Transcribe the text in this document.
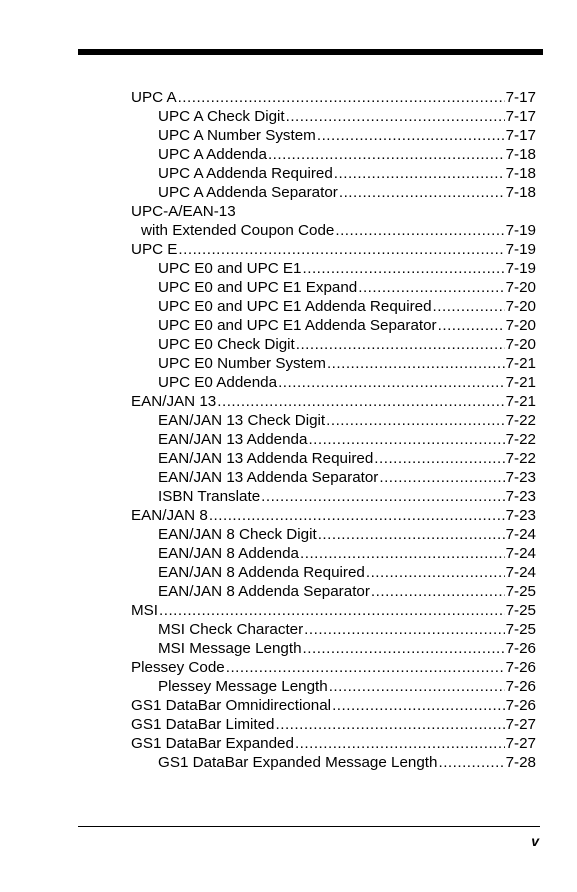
UPC A .....	7-17
UPC A Check Digit .....	7-17
UPC A Number System .....	7-17
UPC A Addenda .....	7-18
UPC A Addenda Required .....	7-18
UPC A Addenda Separator .....	7-18
UPC-A/EAN-13
with Extended Coupon Code .....	7-19
UPC E .....	7-19
UPC E0 and UPC E1 .....	7-19
UPC E0 and UPC E1 Expand .....	7-20
UPC E0 and UPC E1 Addenda Required .....	7-20
UPC E0 and UPC E1 Addenda Separator .....	7-20
UPC E0 Check Digit .....	7-20
UPC E0 Number System .....	7-21
UPC E0 Addenda .....	7-21
EAN/JAN 13 .....	7-21
EAN/JAN 13 Check Digit .....	7-22
EAN/JAN 13 Addenda .....	7-22
EAN/JAN 13 Addenda Required .....	7-22
EAN/JAN 13 Addenda Separator .....	7-23
ISBN Translate .....	7-23
EAN/JAN 8 .....	7-23
EAN/JAN 8 Check Digit .....	7-24
EAN/JAN 8 Addenda .....	7-24
EAN/JAN 8 Addenda Required .....	7-24
EAN/JAN 8 Addenda Separator .....	7-25
MSI .....	7-25
MSI Check Character .....	7-25
MSI Message Length .....	7-26
Plessey Code .....	7-26
Plessey Message Length .....	7-26
GS1 DataBar Omnidirectional .....	7-26
GS1 DataBar Limited .....	7-27
GS1 DataBar Expanded .....	7-27
GS1 DataBar Expanded Message Length .....	7-28
v
